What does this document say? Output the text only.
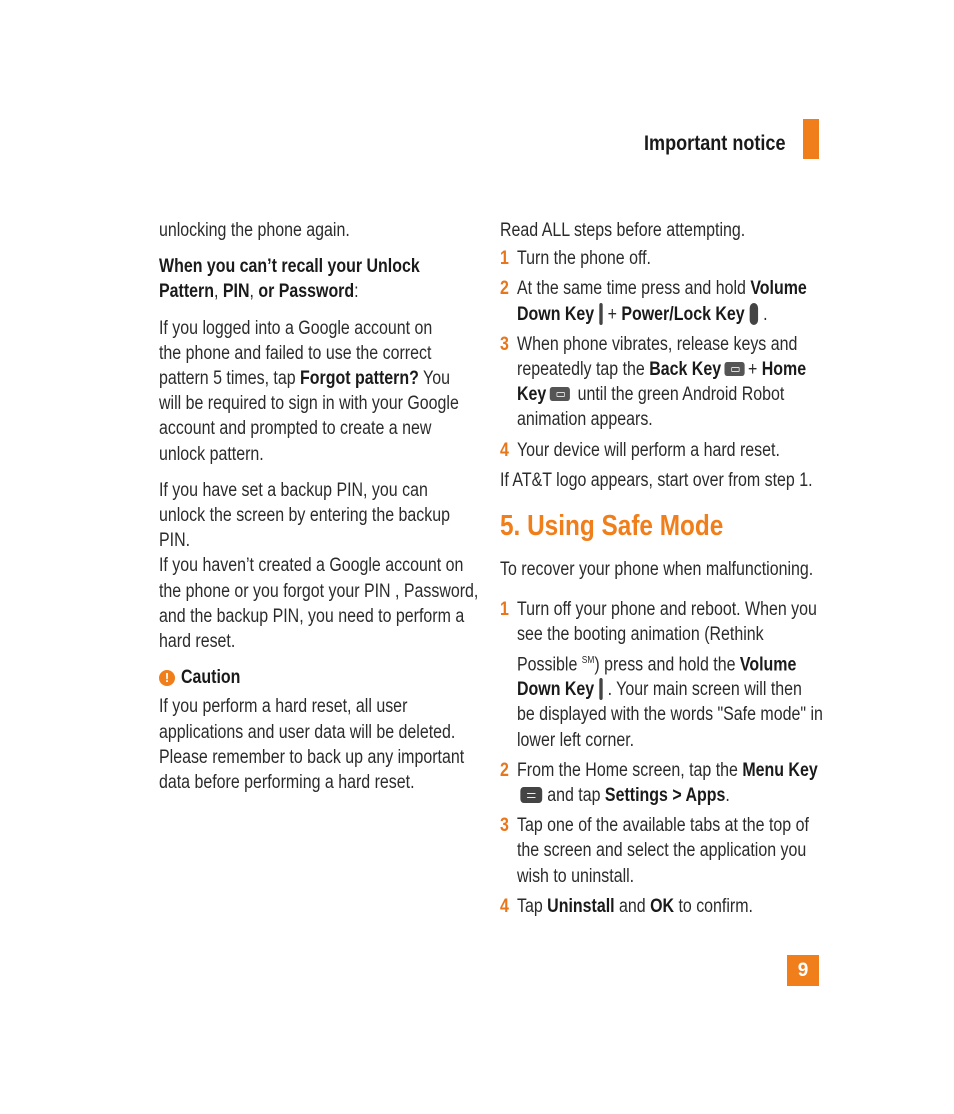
Important notice
unlocking the phone again.
When you can’t recall your Unlock
Pattern, PIN, or Password:
If you logged into a Google account on
the phone and failed to use the correct
pattern 5 times, tap Forgot pattern? You
will be required to sign in with your Google
account and prompted to create a new
unlock pattern.
If you have set a backup PIN, you can
unlock the screen by entering the backup
PIN.
If you haven’t created a Google account on
the phone or you forgot your PIN , Password,
and the backup PIN, you need to perform a
hard reset.
! Caution
If you perform a hard reset, all user
applications and user data will be deleted.
Please remember to back up any important
data before performing a hard reset.
Read ALL steps before attempting.
1 Turn the phone off.
2 At the same time press and hold Volume
Down Key + Power/Lock Key .
3 When phone vibrates, release keys and
repeatedly tap the Back Key + Home
Key until the green Android Robot
animation appears.
4 Your device will perform a hard reset.
If AT&T logo appears, start over from step 1.
5. Using Safe Mode
To recover your phone when malfunctioning.
1 Turn off your phone and reboot. When you
see the booting animation (Rethink
Possible ℠) press and hold the Volume
Down Key . Your main screen will then
be displayed with the words "Safe mode" in
lower left corner.
2 From the Home screen, tap the Menu Key
and tap Settings > Apps.
3 Tap one of the available tabs at the top of
the screen and select the application you
wish to uninstall.
4 Tap Uninstall and OK to confirm.
9
